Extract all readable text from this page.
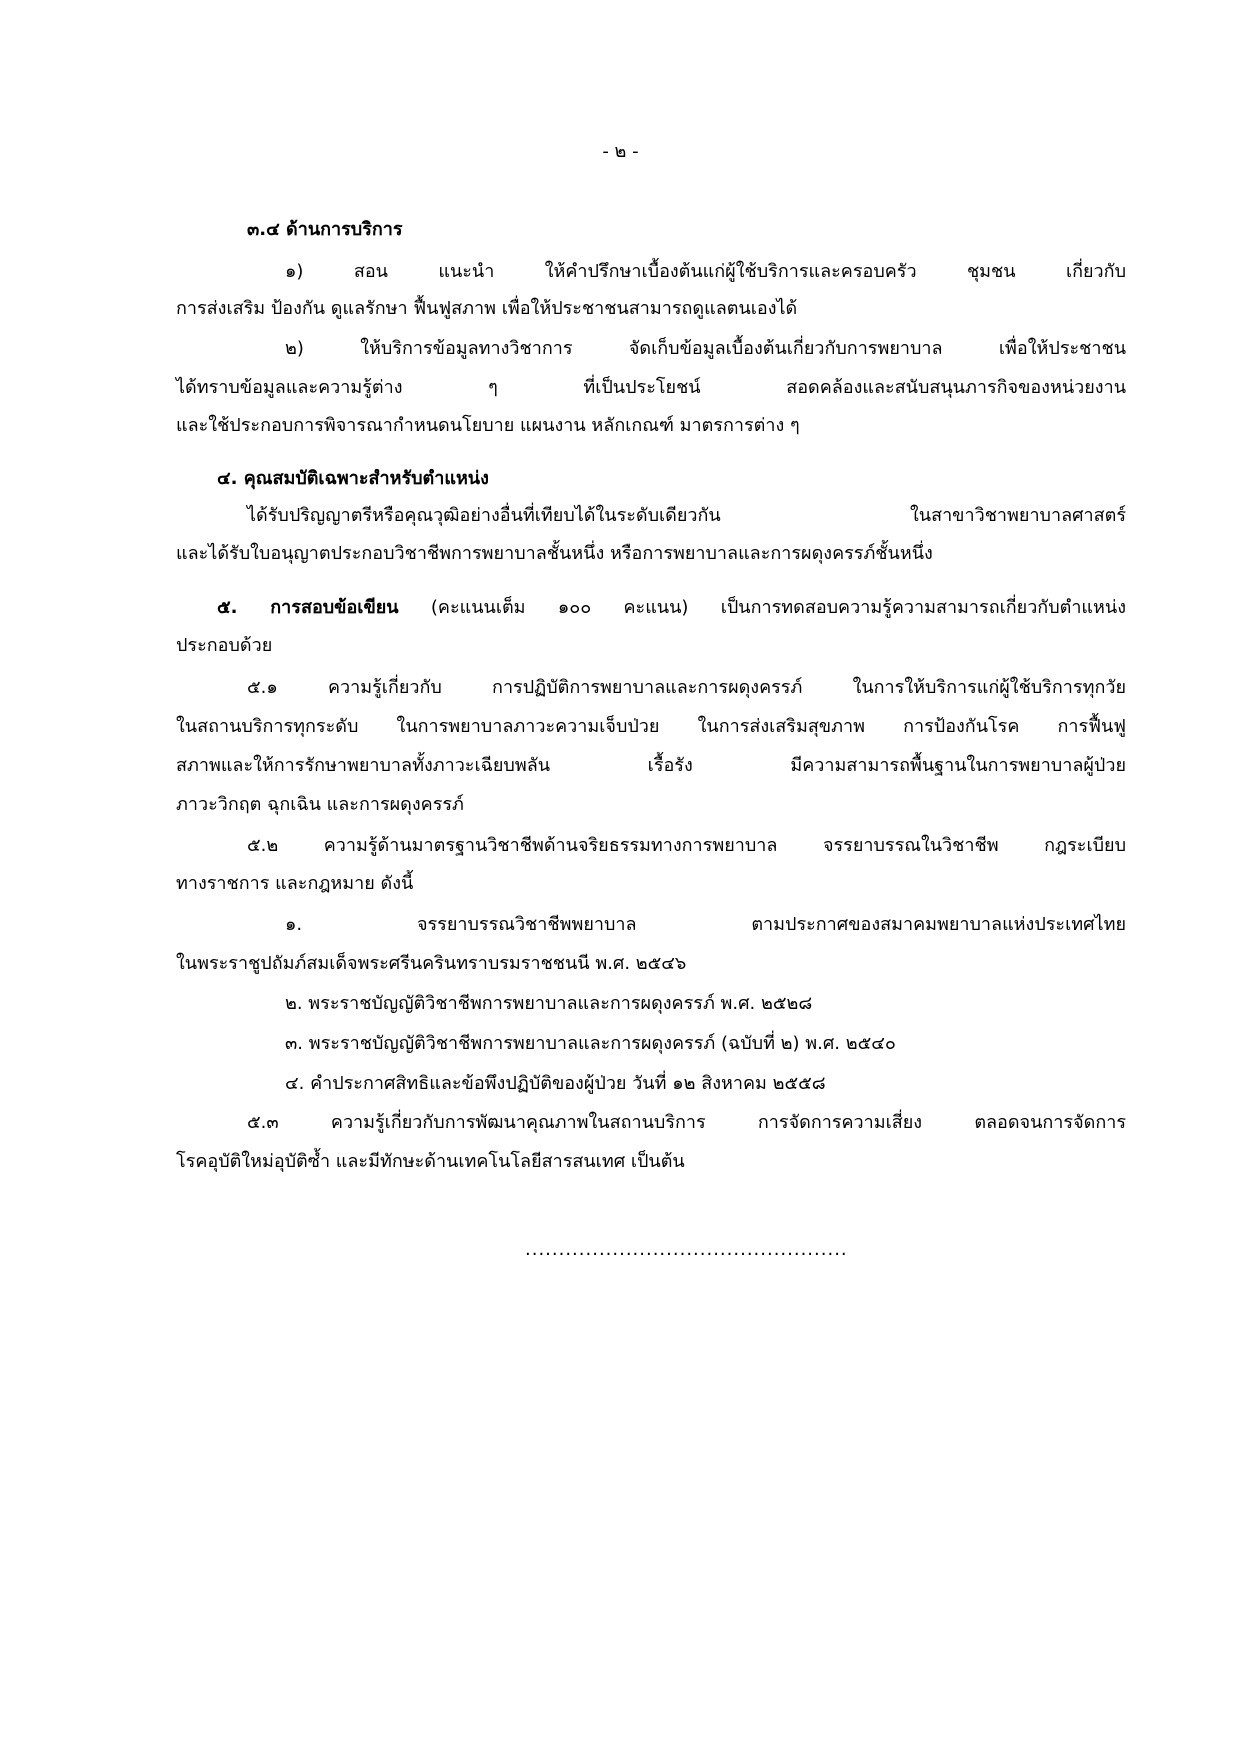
- ๒ -
๓.๔ ด้านการบริการ
๑) สอน แนะนำ ให้คำปรึกษาเบื้องต้นแก่ผู้ใช้บริการและครอบครัว ชุมชน เกี่ยวกับ
การส่งเสริม ป้องกัน ดูแลรักษา ฟื้นฟูสภาพ เพื่อให้ประชาชนสามารถดูแลตนเองได้
๒) ให้บริการข้อมูลทางวิชาการ จัดเก็บข้อมูลเบื้องต้นเกี่ยวกับการพยาบาล เพื่อให้ประชาชน
ได้ทราบข้อมูลและความรู้ต่าง ๆ ที่เป็นประโยชน์ สอดคล้องและสนับสนุนภารกิจของหน่วยงาน
และใช้ประกอบการพิจารณากำหนดนโยบาย แผนงาน หลักเกณฑ์ มาตรการต่าง ๆ
๔. คุณสมบัติเฉพาะสำหรับตำแหน่ง
ได้รับปริญญาตรีหรือคุณวุฒิอย่างอื่นที่เทียบได้ในระดับเดียวกัน ในสาขาวิชาพยาบาลศาสตร์
และได้รับใบอนุญาตประกอบวิชาชีพการพยาบาลชั้นหนึ่ง หรือการพยาบาลและการผดุงครรภ์ชั้นหนึ่ง
๕. การสอบข้อเขียน (คะแนนเต็ม ๑๐๐ คะแนน) เป็นการทดสอบความรู้ความสามารถเกี่ยวกับตำแหน่ง
ประกอบด้วย
๕.๑ ความรู้เกี่ยวกับ การปฏิบัติการพยาบาลและการผดุงครรภ์ ในการให้บริการแก่ผู้ใช้บริการทุกวัย
ในสถานบริการทุกระดับ ในการพยาบาลภาวะความเจ็บป่วย ในการส่งเสริมสุขภาพ การป้องกันโรค การฟื้นฟู
สภาพและให้การรักษาพยาบาลทั้งภาวะเฉียบพลัน เรื้อรัง มีความสามารถพื้นฐานในการพยาบาลผู้ป่วย
ภาวะวิกฤต ฉุกเฉิน และการผดุงครรภ์
๕.๒ ความรู้ด้านมาตรฐานวิชาชีพด้านจริยธรรมทางการพยาบาล จรรยาบรรณในวิชาชีพ กฎระเบียบ
ทางราชการ และกฎหมาย ดังนี้
๑. จรรยาบรรณวิชาชีพพยาบาล ตามประกาศของสมาคมพยาบาลแห่งประเทศไทย
ในพระราชูปถัมภ์สมเด็จพระศรีนครินทราบรมราชชนนี พ.ศ. ๒๕๔๖
๒. พระราชบัญญัติวิชาชีพการพยาบาลและการผดุงครรภ์ พ.ศ. ๒๕๒๘
๓. พระราชบัญญัติวิชาชีพการพยาบาลและการผดุงครรภ์ (ฉบับที่ ๒) พ.ศ. ๒๕๔๐
๔. คำประกาศสิทธิและข้อพึงปฏิบัติของผู้ป่วย วันที่ ๑๒ สิงหาคม ๒๕๕๘
๕.๓ ความรู้เกี่ยวกับการพัฒนาคุณภาพในสถานบริการ การจัดการความเสี่ยง ตลอดจนการจัดการ
โรคอุบัติใหม่อุบัติซ้ำ และมีทักษะด้านเทคโนโลยีสารสนเทศ เป็นต้น
................................................
